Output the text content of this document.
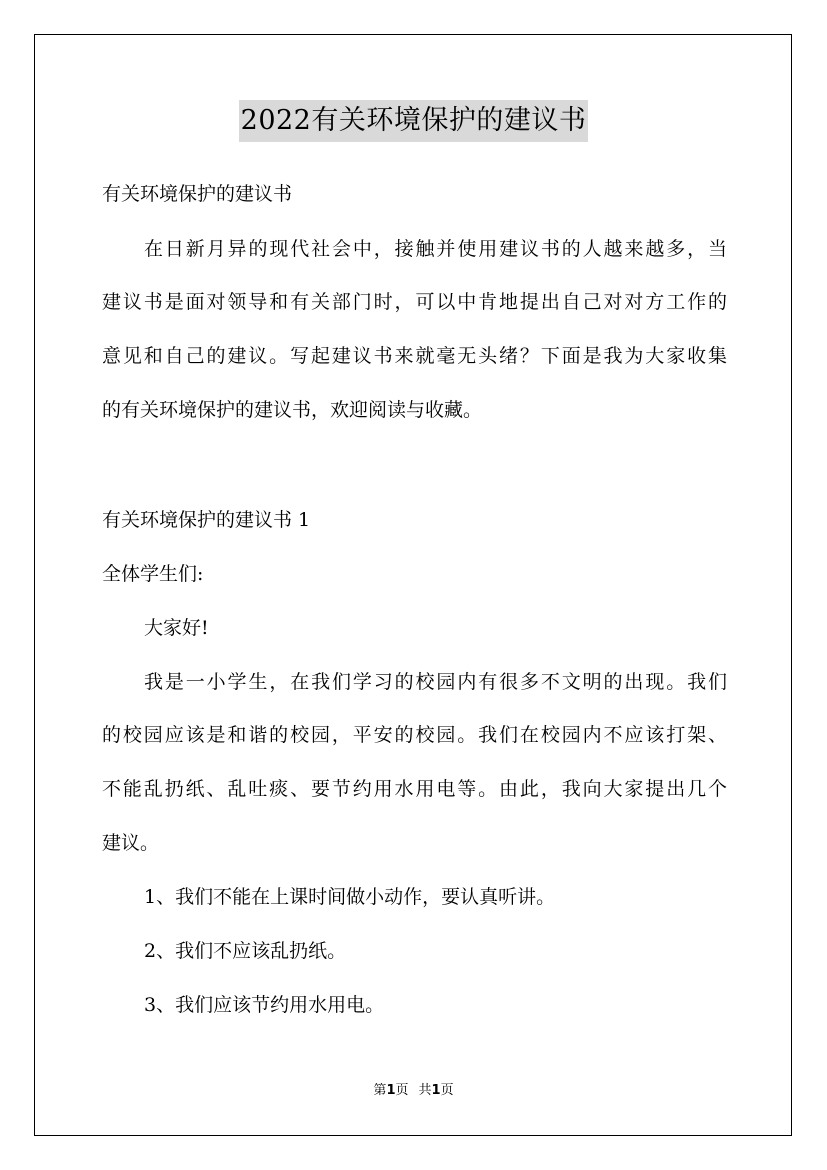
2022有关环境保护的建议书
有关环境保护的建议书
在日新月异的现代社会中，接触并使用建议书的人越来越多，当
建议书是面对领导和有关部门时，可以中肯地提出自己对对方工作的
意见和自己的建议。写起建议书来就毫无头绪？下面是我为大家收集
的有关环境保护的建议书，欢迎阅读与收藏。
有关环境保护的建议书 1
全体学生们:
大家好!
我是一小学生，在我们学习的校园内有很多不文明的出现。我们
的校园应该是和谐的校园，平安的校园。我们在校园内不应该打架、
不能乱扔纸、乱吐痰、要节约用水用电等。由此，我向大家提出几个
建议。
1、我们不能在上课时间做小动作，要认真听讲。
2、我们不应该乱扔纸。
3、我们应该节约用水用电。
第1页 共1页
